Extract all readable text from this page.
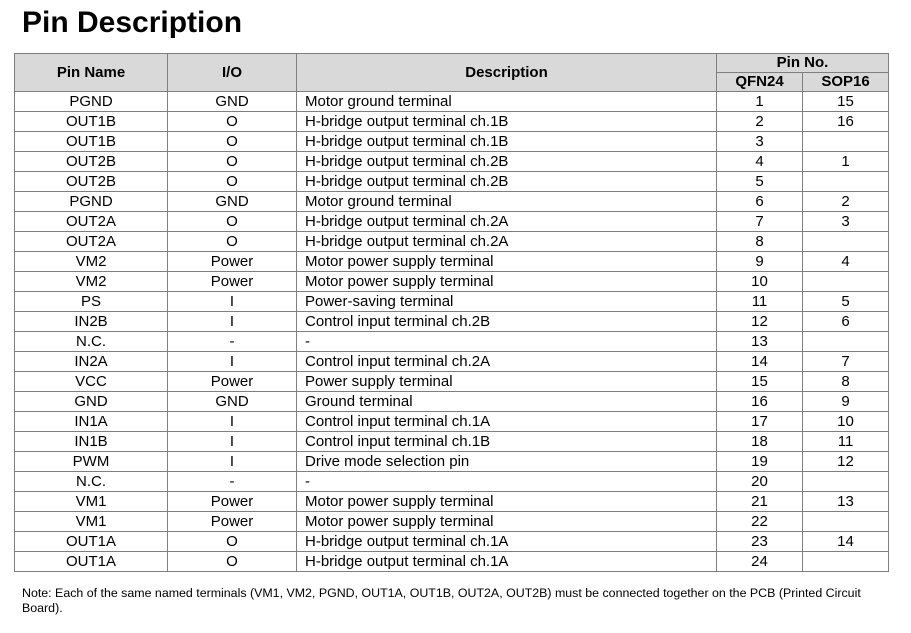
Pin Description
Pin Name	I/O	Description	Pin No.	
			QFN24	SOP16
PGND	GND	Motor ground terminal	1	15
OUT1B	O	H-bridge output terminal ch.1B	2	16
OUT1B	O	H-bridge output terminal ch.1B	3	
OUT2B	O	H-bridge output terminal ch.2B	4	1
OUT2B	O	H-bridge output terminal ch.2B	5	
PGND	GND	Motor ground terminal	6	2
OUT2A	O	H-bridge output terminal ch.2A	7	3
OUT2A	O	H-bridge output terminal ch.2A	8	
VM2	Power	Motor power supply terminal	9	4
VM2	Power	Motor power supply terminal	10	
PS	I	Power-saving terminal	11	5
IN2B	I	Control input terminal ch.2B	12	6
N.C.	-	-	13	
IN2A	I	Control input terminal ch.2A	14	7
VCC	Power	Power supply terminal	15	8
GND	GND	Ground terminal	16	9
IN1A	I	Control input terminal ch.1A	17	10
IN1B	I	Control input terminal ch.1B	18	11
PWM	I	Drive mode selection pin	19	12
N.C.	-	-	20	
VM1	Power	Motor power supply terminal	21	13
VM1	Power	Motor power supply terminal	22	
OUT1A	O	H-bridge output terminal ch.1A	23	14
OUT1A	O	H-bridge output terminal ch.1A	24	

Note: Each of the same named terminals (VM1, VM2, PGND, OUT1A, OUT1B, OUT2A, OUT2B) must be connected together on the PCB (Printed Circuit Board).
